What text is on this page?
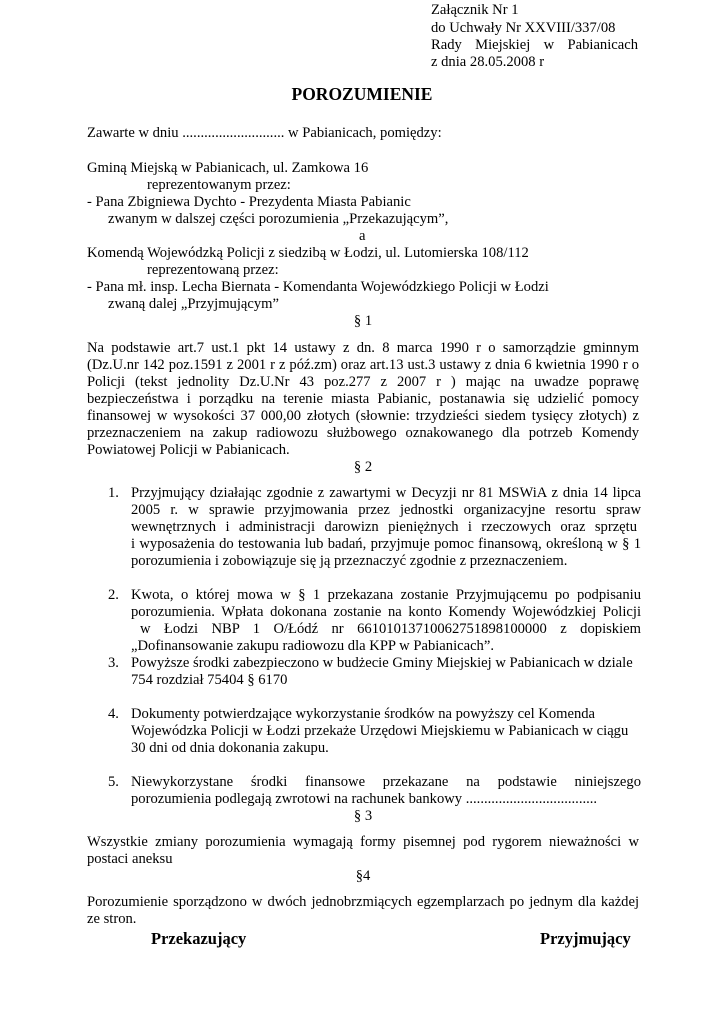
Załącznik Nr 1
do Uchwały Nr XXVIII/337/08
Rady Miejskiej w Pabianicach
z dnia 28.05.2008 r
POROZUMIENIE
Zawarte w dniu ............................ w Pabianicach, pomiędzy:
Gminą Miejską w Pabianicach, ul. Zamkowa 16
reprezentowanym przez:
- Pana Zbigniewa Dychto - Prezydenta Miasta Pabianic
zwanym w dalszej części porozumienia „Przekazującym”,
a
Komendą Wojewódzką Policji z siedzibą w Łodzi, ul. Lutomierska 108/112
reprezentowaną przez:
- Pana mł. insp. Lecha Biernata - Komendanta Wojewódzkiego Policji w Łodzi
zwaną dalej „Przyjmującym”
§ 1
Na podstawie art.7 ust.1 pkt 14 ustawy z dn. 8 marca 1990 r o samorządzie gminnym
(Dz.U.nr 142 poz.1591 z 2001 r z póź.zm) oraz art.13 ust.3 ustawy z dnia 6 kwietnia 1990 r o
Policji (tekst jednolity Dz.U.Nr 43 poz.277 z 2007 r ) mając na uwadze poprawę
bezpieczeństwa i porządku na terenie miasta Pabianic, postanawia się udzielić pomocy
finansowej w wysokości 37 000,00 złotych (słownie: trzydzieści siedem tysięcy złotych) z
przeznaczeniem na zakup radiowozu służbowego oznakowanego dla potrzeb Komendy
Powiatowej Policji w Pabianicach.
§ 2
1. Przyjmujący działając zgodnie z zawartymi w Decyzji nr 81 MSWiA z dnia 14 lipca
2005 r. w sprawie przyjmowania przez jednostki organizacyjne resortu spraw
wewnętrznych i administracji darowizn pieniężnych i rzeczowych oraz sprzętu
i wyposażenia do testowania lub badań, przyjmuje pomoc finansową, określoną w § 1
porozumienia i zobowiązuje się ją przeznaczyć zgodnie z przeznaczeniem.
2. Kwota, o której mowa w § 1 przekazana zostanie Przyjmującemu po podpisaniu
porozumienia. Wpłata dokonana zostanie na konto Komendy Wojewódzkiej Policji
w Łodzi NBP 1 O/Łódź nr 66101013710062751898100000 z dopiskiem
„Dofinansowanie zakupu radiowozu dla KPP w Pabianicach”.
3. Powyższe środki zabezpieczono w budżecie Gminy Miejskiej w Pabianicach w dziale
754 rozdział 75404 § 6170
4. Dokumenty potwierdzające wykorzystanie środków na powyższy cel Komenda
Wojewódzka Policji w Łodzi przekaże Urzędowi Miejskiemu w Pabianicach w ciągu
30 dni od dnia dokonania zakupu.
5. Niewykorzystane środki finansowe przekazane na podstawie niniejszego
porozumienia podlegają zwrotowi na rachunek bankowy ....................................
§ 3
Wszystkie zmiany porozumienia wymagają formy pisemnej pod rygorem nieważności w
postaci aneksu
§4
Porozumienie sporządzono w dwóch jednobrzmiących egzemplarzach po jednym dla każdej
ze stron.
Przekazujący	Przyjmujący
